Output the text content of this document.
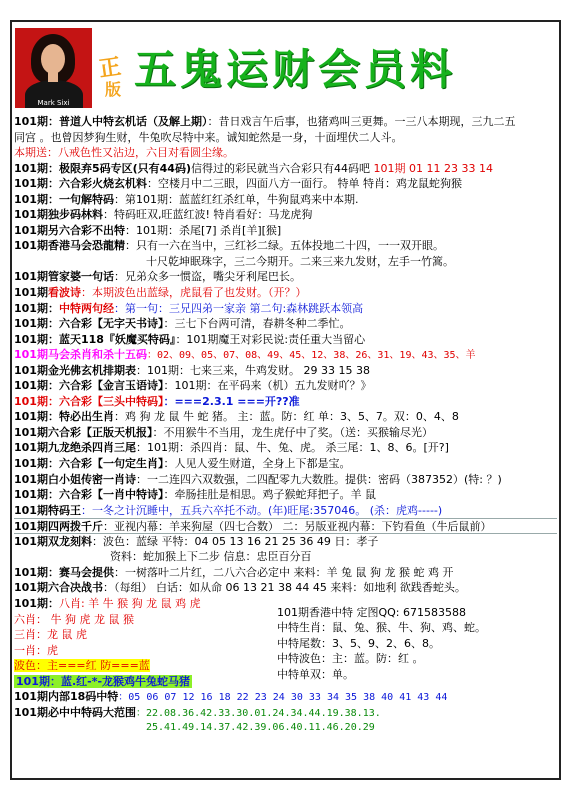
Mark Sixi
正
版 五鬼运财会员料
101期：普道人中特玄机话（及解上期）：昔日戏言午后事，也猪鸡叫三更舞。一三八本期现，三九二五
同宫 。也曾因梦狗生财，牛兔吹尽特中来。诚知蛇然是一身，十面埋伏二人斗。
本期送：八戒色性又沾边，六目对看圆尘缘。
101期：极限弃5码专区(只有44码)信得过的彩民就当六合彩只有44码吧 101期 01 11 23 33 14
101期：六合彩火烧玄机料：空楼月中二三眼，四面八方一面行。 特单 特肖：鸡龙鼠蛇狗猴
101期：一句解特码：第101期：蓝蓝红红杀红单，牛狗鼠鸡来中本期.
101期独步码林料：特码旺双,旺蓝红波! 特肖看好：马龙虎狗
101期另六合彩不出特：101期：杀尾[7] 杀肖[羊][猴]
101期香港马会恐龍精：只有一六在当中，三红衫二绿。五体投地二十四，一一双开眼。
十尺乾坤眠珠字，三二今期开。二来三来九发财，左手一竹篙。
101期管家婆一句话：兄弟众多一惯盗，嘴尖牙利尾巴长。
101期看波诗：本期波色出蓝绿，虎鼠看了也发财。（开？）
101期：中特两句经：第一句：三兄四弟一家亲 第二句:森林跳跃本领高
101期：六合彩【无字天书诗】：三七下台两可清，春耕冬种二季忙。
101期：蓝天118『妖魔买特码』：101期魔王对彩民说:责任重大当留心
101期马会杀肖和杀十五码：02、09、05、07、08、49、45、12、38、26、31、19、43、35、羊
101期金光佛玄机排期表：101期：七来三来，牛鸡发财。 29 33 15 38
101期：六合彩【金言玉语诗】：101期：在平码来（机）五九发财吖？》
101期：六合彩【三头中特码】：===2.3.1 ===开??准
101期：特必出生肖：鸡 狗 龙 鼠 牛 蛇 猪。 主：蓝。防：红 单：3、5、7。双：0、4、8
101期六合彩【正版天机报】：不用猴牛不当用，龙生虎仔中了奖。（送：买猴输尽光）
101期九龙绝杀四肖三尾：101期：杀四肖：鼠、牛、兔、虎。 杀三尾：1、8、6。[开?]
101期：六合彩【一句定生肖】：人见人爱生财道，全身上下都是宝。
101期白小姐传密一肖诗：一二连四六双数强，二四配零九大数胜。提供：密码（387352）(特: ？)
101期：六合彩【一肖中特诗】：牵肠挂肚是相思。鸡子猴蛇拜把子。羊 鼠
101期特码王：一冬之计沉睡中，五兵六卒托不动。(年)旺尾:357046。 (杀：虎鸡-----)
101期四两拨千斤：亚视内幕：羊来狗屋（四七合数） 二：另版亚视内幕：下钓看鱼（牛后鼠前）
101期双龙刻料：波色：蓝绿 平特：04 05 13 16 21 25 36 49 日：孝子
资料：蛇加猴上下二步 信息：忠臣百分百
101期：赛马会提供：一树落叶二片红，二八六合必定中 来料：羊 兔 鼠 狗 龙 猴 蛇 鸡 开
101期六合决战书：（每组） 白话：如从命 06 13 21 38 44 45 来料：如地利 欲践香蛇头。
101期：八肖: 羊 牛 猴 狗 龙 鼠 鸡 虎
六肖： 牛 狗 虎 龙 鼠 猴
三肖：龙 鼠 虎
一肖：虎
波色：主===红 防===蓝
101期香港中特 定图QQ: 671583588
中特生肖：鼠、兔、猴、牛、狗、鸡、蛇。
中特尾数：3、5、9、2、6、8。
中特波色：主：蓝。防：红 。
中特单双：单。
101期：蓝.红-*-龙猴鸡牛兔蛇马猪
101期内部18码中特：05 06 07 12 16 18 22 23 24 30 33 34 35 38 40 41 43 44
101期必中中特码大范围：22.08.36.42.33.30.01.24.34.44.19.38.13.
25.41.49.14.37.42.39.06.40.11.46.20.29
